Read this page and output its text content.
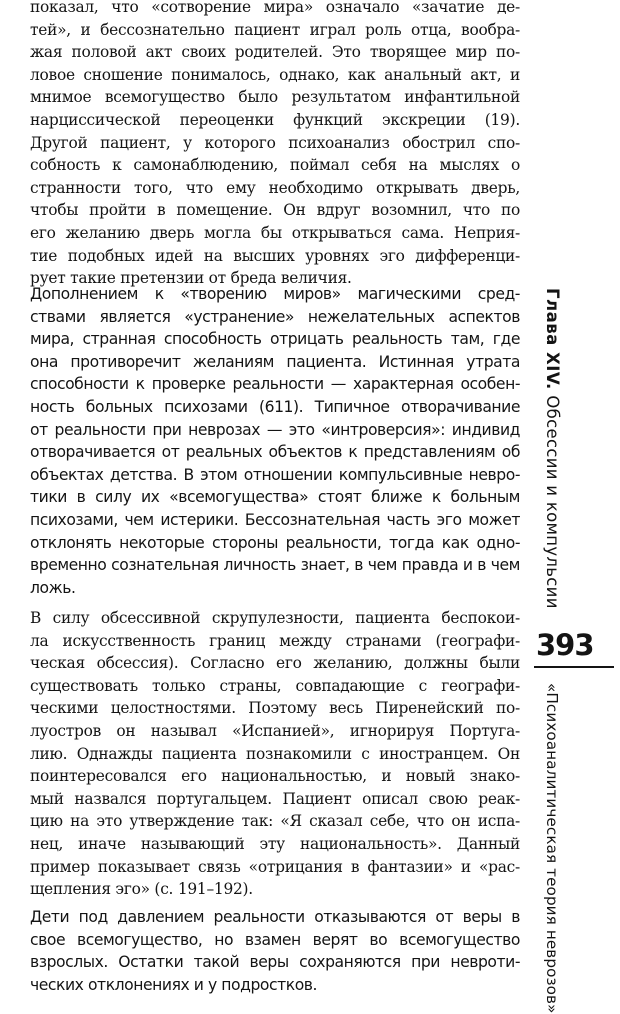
показал, что «сотворение мира» означало «зачатие де-
тей», и бессознательно пациент играл роль отца, вообра-
жая половой акт своих родителей. Это творящее мир по-
ловое сношение понималось, однако, как анальный акт, и
мнимое всемогущество было результатом инфантильной
нарциссической переоценки функций экскреции (19).
Другой пациент, у которого психоанализ обострил спо-
собность к самонаблюдению, поймал себя на мыслях о
странности того, что ему необходимо открывать дверь,
чтобы пройти в помещение. Он вдруг возомнил, что по
его желанию дверь могла бы открываться сама. Неприя-
тие подобных идей на высших уровнях эго дифференци-
рует такие претензии от бреда величия.
Дополнением к «творению миров» магическими сред-
ствами является «устранение» нежелательных аспектов
мира, странная способность отрицать реальность там, где
она противоречит желаниям пациента. Истинная утрата
способности к проверке реальности — характерная особен-
ность больных психозами (611). Типичное отворачивание
от реальности при неврозах — это «интроверсия»: индивид
отворачивается от реальных объектов к представлениям об
объектах детства. В этом отношении компульсивные невро-
тики в силу их «всемогущества» стоят ближе к больным
психозами, чем истерики. Бессознательная часть эго может
отклонять некоторые стороны реальности, тогда как одно-
временно сознательная личность знает, в чем правда и в чем
ложь.
В силу обсессивной скрупулезности, пациента беспокои-
ла искусственность границ между странами (географи-
ческая обсессия). Согласно его желанию, должны были
существовать только страны, совпадающие с географи-
ческими целостностями. Поэтому весь Пиренейский по-
луостров он называл «Испанией», игнорируя Португа-
лию. Однажды пациента познакомили с иностранцем. Он
поинтересовался его национальностью, и новый знако-
мый назвался португальцем. Пациент описал свою реак-
цию на это утверждение так: «Я сказал себе, что он испа-
нец, иначе называющий эту национальность». Данный
пример показывает связь «отрицания в фантазии» и «рас-
щепления эго» (с. 191–192).
Дети под давлением реальности отказываются от веры в
свое всемогущество, но взамен верят во всемогущество
взрослых. Остатки такой веры сохраняются при невроти-
ческих отклонениях и у подростков.
Глава XIV. Обсессии и компульсии
393
«Психоаналитическая теория неврозов»
